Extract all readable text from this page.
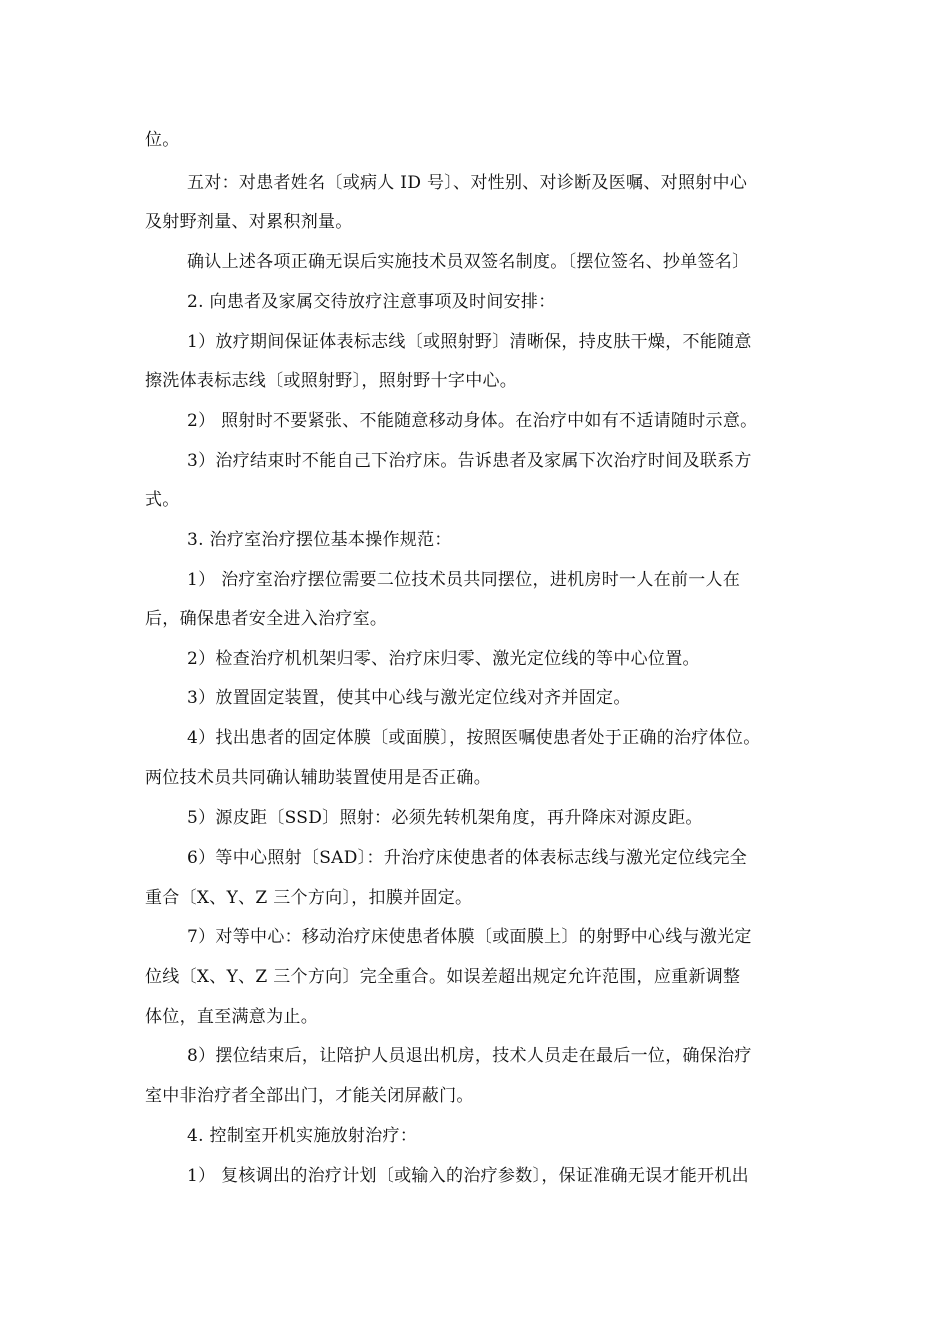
位。
五对：对患者姓名〔或病人 ID 号〕、对性别、对诊断及医嘱、对照射中心
及射野剂量、对累积剂量。
确认上述各项正确无误后实施技术员双签名制度。〔摆位签名、抄单签名〕
2. 向患者及家属交待放疗注意事项及时间安排：
1）放疗期间保证体表标志线〔或照射野〕清晰保，持皮肤干燥，不能随意
擦洗体表标志线〔或照射野〕，照射野十字中心。
2） 照射时不要紧张、不能随意移动身体。在治疗中如有不适请随时示意。
3）治疗结束时不能自己下治疗床。告诉患者及家属下次治疗时间及联系方
式。
3. 治疗室治疗摆位基本操作规范：
1） 治疗室治疗摆位需要二位技术员共同摆位，进机房时一人在前一人在
后，确保患者安全进入治疗室。
2）检查治疗机机架归零、治疗床归零、激光定位线的等中心位置。
3）放置固定装置，使其中心线与激光定位线对齐并固定。
4）找出患者的固定体膜〔或面膜〕，按照医嘱使患者处于正确的治疗体位。
两位技术员共同确认辅助装置使用是否正确。
5）源皮距〔SSD〕照射：必须先转机架角度，再升降床对源皮距。
6）等中心照射〔SAD〕：升治疗床使患者的体表标志线与激光定位线完全
重合〔X、Y、Z 三个方向〕，扣膜并固定。
7）对等中心：移动治疗床使患者体膜〔或面膜上〕的射野中心线与激光定
位线〔X、Y、Z 三个方向〕完全重合。如误差超出规定允许范围，应重新调整
体位，直至满意为止。
8）摆位结束后，让陪护人员退出机房，技术人员走在最后一位，确保治疗
室中非治疗者全部出门，才能关闭屏蔽门。
4. 控制室开机实施放射治疗：
1） 复核调出的治疗计划〔或输入的治疗参数〕，保证准确无误才能开机出
